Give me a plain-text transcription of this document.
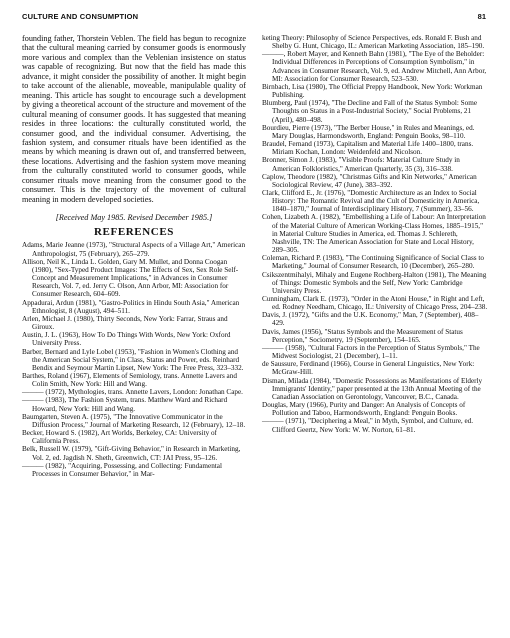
CULTURE AND CONSUMPTION	81

founding father, Thorstein Veblen. The field has begun to recognize that the cultural meaning carried by consumer goods is enormously more various and complex than the Veblenian insistence on status was capable of recognizing. But now that the field has made this advance, it might consider the possibility of another. It might begin to take account of the alienable, moveable, manipulable quality of meaning. This article has sought to encourage such a development by giving a theoretical account of the structure and movement of the cultural meaning of consumer goods. It has suggested that meaning resides in three locations: the culturally constituted world, the consumer good, and the individual consumer. Advertising, the fashion system, and consumer rituals have been identified as the means by which meaning is drawn out of, and transferred between, these locations. Advertising and the fashion system move meaning from the culturally constituted world to consumer goods, while consumer rituals move meaning from the consumer good to the consumer. This is the trajectory of the movement of cultural meaning in modern developed societies.

[Received May 1985. Revised December 1985.]

REFERENCES

Adams, Marie Jeanne (1973), "Structural Aspects of a Village Art," American Anthropologist, 75 (February), 265–279.

Allison, Neil K., Linda L. Golden, Gary M. Mullet, and Donna Coogan (1980), "Sex-Typed Product Images: The Effects of Sex, Sex Role Self-Concept and Measurement Implications," in Advances in Consumer Research, Vol. 7, ed. Jerry C. Olson, Ann Arbor, MI: Association for Consumer Research, 604–609.

Appadurai, Ardun (1981), "Gastro-Politics in Hindu South Asia," American Ethnologist, 8 (August), 494–511.

Arlen, Michael J. (1980), Thirty Seconds, New York: Farrar, Straus and Giroux.

Austin, J. L. (1963), How To Do Things With Words, New York: Oxford University Press.

Barber, Bernard and Lyle Lobel (1953), "Fashion in Women's Clothing and the American Social System," in Class, Status and Power, eds. Reinhard Bendix and Seymour Martin Lipset, New York: The Free Press, 323–332.

Barthes, Roland (1967), Elements of Semiology, trans. Annette Lavers and Colin Smith, New York: Hill and Wang.

——— (1972), Mythologies, trans. Annette Lavers, London: Jonathan Cape.

——— (1983), The Fashion System, trans. Matthew Ward and Richard Howard, New York: Hill and Wang.

Baumgarten, Steven A. (1975), "The Innovative Communicator in the Diffusion Process," Journal of Marketing Research, 12 (February), 12–18.

Becker, Howard S. (1982), Art Worlds, Berkeley, CA: University of California Press.

Belk, Russell W. (1979), "Gift-Giving Behavior," in Research in Marketing, Vol. 2, ed. Jagdish N. Sheth, Greenwich, CT: JAI Press, 95–126.

——— (1982), "Acquiring, Possessing, and Collecting: Fundamental Processes in Consumer Behavior," in Mar-

keting Theory: Philosophy of Science Perspectives, eds. Ronald F. Bush and Shelby G. Hunt, Chicago, IL: American Marketing Association, 185–190.

———, Robert Mayer, and Kenneth Bahn (1981), "The Eye of the Beholder: Individual Differences in Perceptions of Consumption Symbolism," in Advances in Consumer Research, Vol. 9, ed. Andrew Mitchell, Ann Arbor, MI: Association for Consumer Research, 523–530.

Birnbach, Lisa (1980), The Official Preppy Handbook, New York: Workman Publishing.

Blumberg, Paul (1974), "The Decline and Fall of the Status Symbol: Some Thoughts on Status in a Post-Industrial Society," Social Problems, 21 (April), 480–498.

Bourdieu, Pierre (1973), "The Berber House," in Rules and Meanings, ed. Mary Douglas, Harmondsworth, England: Penguin Books, 98–110.

Braudel, Fernand (1973), Capitalism and Material Life 1400–1800, trans. Miriam Kochan, London: Weidenfeld and Nicolson.

Bronner, Simon J. (1983), "Visible Proofs: Material Culture Study in American Folkloristics," American Quarterly, 35 (3), 316–338.

Caplow, Theodore (1982), "Christmas Gifts and Kin Networks," American Sociological Review, 47 (June), 383–392.

Clark, Clifford E., Jr. (1976), "Domestic Architecture as an Index to Social History: The Romantic Revival and the Cult of Domesticity in America, 1840–1870," Journal of Interdisciplinary History, 7 (Summer), 33–56.

Cohen, Lizabeth A. (1982), "Embellishing a Life of Labour: An Interpretation of the Material Culture of American Working-Class Homes, 1885–1915," in Material Culture Studies in America, ed. Thomas J. Schlereth, Nashville, TN: The American Association for State and Local History, 289–305.

Coleman, Richard P. (1983), "The Continuing Significance of Social Class to Marketing," Journal of Consumer Research, 10 (December), 265–280.

Csikszentmihalyi, Mihaly and Eugene Rochberg-Halton (1981), The Meaning of Things: Domestic Symbols and the Self, New York: Cambridge University Press.

Cunningham, Clark E. (1973), "Order in the Atoni House," in Right and Left, ed. Rodney Needham, Chicago, IL: University of Chicago Press, 204–238.

Davis, J. (1972), "Gifts and the U.K. Economy," Man, 7 (September), 408–429.

Davis, James (1956), "Status Symbols and the Measurement of Status Perception," Sociometry, 19 (September), 154–165.

——— (1958), "Cultural Factors in the Perception of Status Symbols," The Midwest Sociologist, 21 (December), 1–11.

de Saussure, Ferdinand (1966), Course in General Linguistics, New York: McGraw-Hill.

Disman, Milada (1984), "Domestic Possessions as Manifestations of Elderly Immigrants' Identity," paper presented at the 13th Annual Meeting of the Canadian Association on Gerontology, Vancouver, B.C., Canada.

Douglas, Mary (1966), Purity and Danger: An Analysis of Concepts of Pollution and Taboo, Harmondsworth, England: Penguin Books.

——— (1971), "Deciphering a Meal," in Myth, Symbol, and Culture, ed. Clifford Geertz, New York: W. W. Norton, 61–81.
